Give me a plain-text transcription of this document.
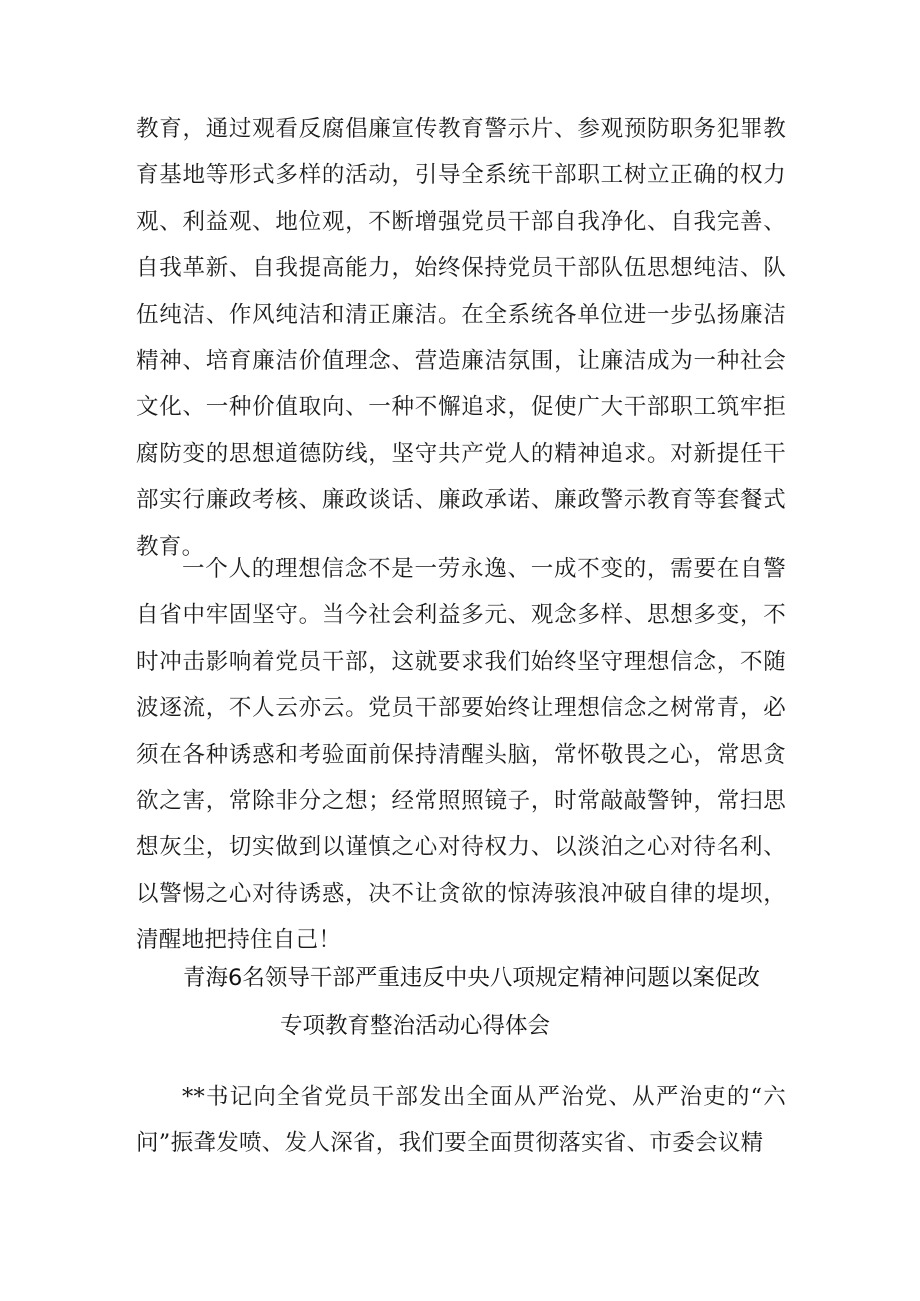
教育，通过观看反腐倡廉宣传教育警示片、参观预防职务犯罪教育基地等形式多样的活动，引导全系统干部职工树立正确的权力观、利益观、地位观，不断增强党员干部自我净化、自我完善、自我革新、自我提高能力，始终保持党员干部队伍思想纯洁、队伍纯洁、作风纯洁和清正廉洁。在全系统各单位进一步弘扬廉洁精神、培育廉洁价值理念、营造廉洁氛围，让廉洁成为一种社会文化、一种价值取向、一种不懈追求，促使广大干部职工筑牢拒腐防变的思想道德防线，坚守共产党人的精神追求。对新提任干部实行廉政考核、廉政谈话、廉政承诺、廉政警示教育等套餐式教育。

一个人的理想信念不是一劳永逸、一成不变的，需要在自警自省中牢固坚守。当今社会利益多元、观念多样、思想多变，不时冲击影响着党员干部，这就要求我们始终坚守理想信念，不随波逐流，不人云亦云。党员干部要始终让理想信念之树常青，必须在各种诱惑和考验面前保持清醒头脑，常怀敬畏之心，常思贪欲之害，常除非分之想；经常照照镜子，时常敲敲警钟，常扫思想灰尘，切实做到以谨慎之心对待权力、以淡泊之心对待名利、以警惕之心对待诱惑，决不让贪欲的惊涛骇浪冲破自律的堤坝，清醒地把持住自己！

青海6名领导干部严重违反中央八项规定精神问题以案促改
专项教育整治活动心得体会

**书记向全省党员干部发出全面从严治党、从严治吏的“六问”振聋发喷、发人深省，我们要全面贯彻落实省、市委会议精
